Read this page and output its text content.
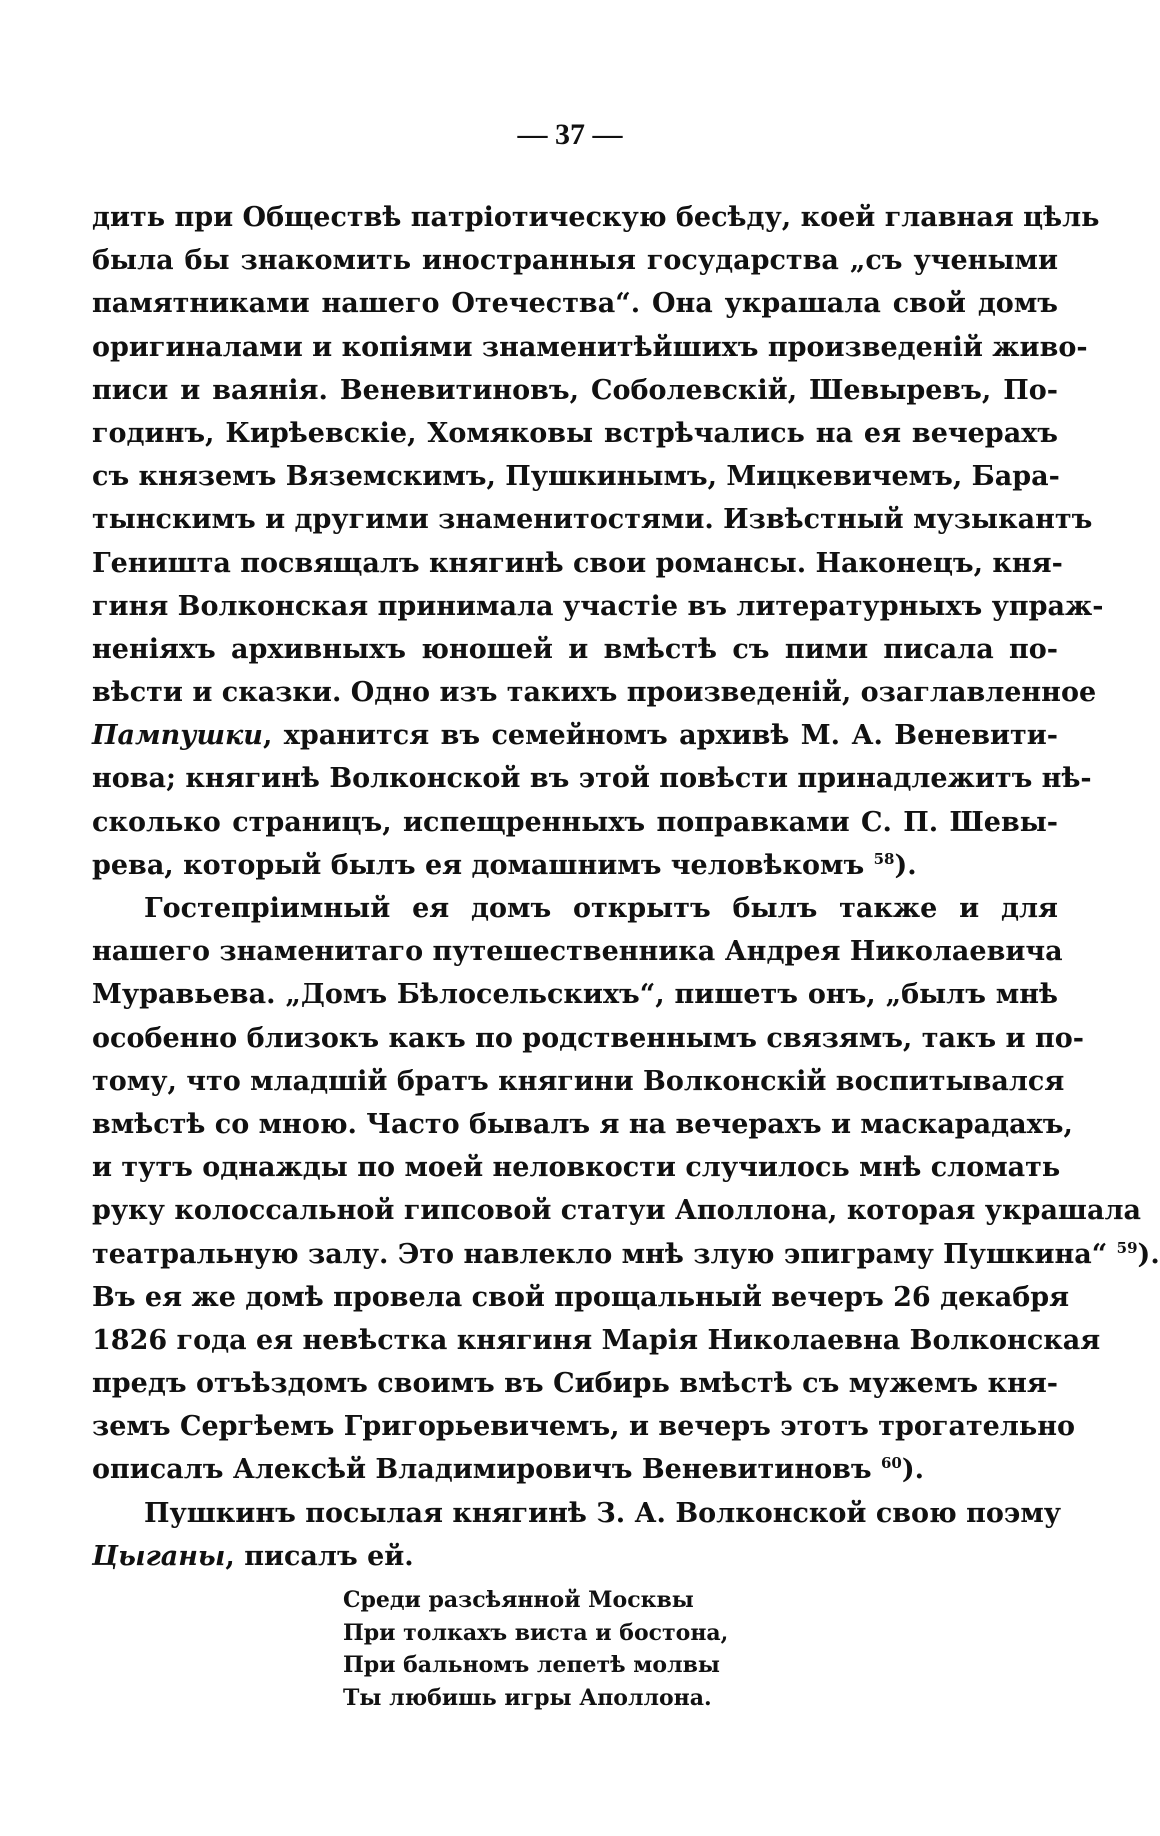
— 37 —
дить при Обществѣ патріотическую бесѣду, коей главная цѣль
была бы знакомить иностранныя государства „съ учеными
памятниками нашего Отечества“. Она украшала свой домъ
оригиналами и копіями знаменитѣйшихъ произведеній живо-
писи и ваянія. Веневитиновъ, Соболевскій, Шевыревъ, По-
годинъ, Кирѣевскіе, Хомяковы встрѣчались на ея вечерахъ
съ княземъ Вяземскимъ, Пушкинымъ, Мицкевичемъ, Бара-
тынскимъ и другими знаменитостями. Извѣстный музыкантъ
Геништа посвящалъ княгинѣ свои романсы. Наконецъ, кня-
гиня Волконская принимала участіе въ литературныхъ упраж-
неніяхъ архивныхъ юношей и вмѣстѣ съ пими писала по-
вѣсти и сказки. Одно изъ такихъ произведеній, озаглавленное
Пампушки, хранится въ семейномъ архивѣ М. А. Веневити-
нова; княгинѣ Волконской въ этой повѣсти принадлежитъ нѣ-
сколько страницъ, испещренныхъ поправками С. П. Шевы-
рева, который былъ ея домашнимъ человѣкомъ $^{58}$).
Гостепріимный ея домъ открытъ былъ также и для
нашего знаменитаго путешественника Андрея Николаевича
Муравьева. „Домъ Бѣлосельскихъ“, пишетъ онъ, „былъ мнѣ
особенно близокъ какъ по родственнымъ связямъ, такъ и по-
тому, что младшій братъ княгини Волконскій воспитывался
вмѣстѣ со мною. Часто бывалъ я на вечерахъ и маскарадахъ,
и тутъ однажды по моей неловкости случилось мнѣ сломать
руку колоссальной гипсовой статуи Аполлона, которая украшала
театральную залу. Это навлекло мнѣ злую эпиграму Пушкина“ $^{59}$).
Въ ея же домѣ провела свой прощальный вечеръ 26 декабря
1826 года ея невѣстка княгиня Марія Николаевна Волконская
предъ отъѣздомъ своимъ въ Сибирь вмѣстѣ съ мужемъ кня-
земъ Сергѣемъ Григорьевичемъ, и вечеръ этотъ трогательно
описалъ Алексѣй Владимировичъ Веневитиновъ $^{60}$).
Пушкинъ посылая княгинѣ З. А. Волконской свою поэму
Цыганы, писалъ ей.
Среди разсѣянной Москвы
При толкахъ виста и бостона,
При бальномъ лепетѣ молвы
Ты любишь игры Аполлона.
